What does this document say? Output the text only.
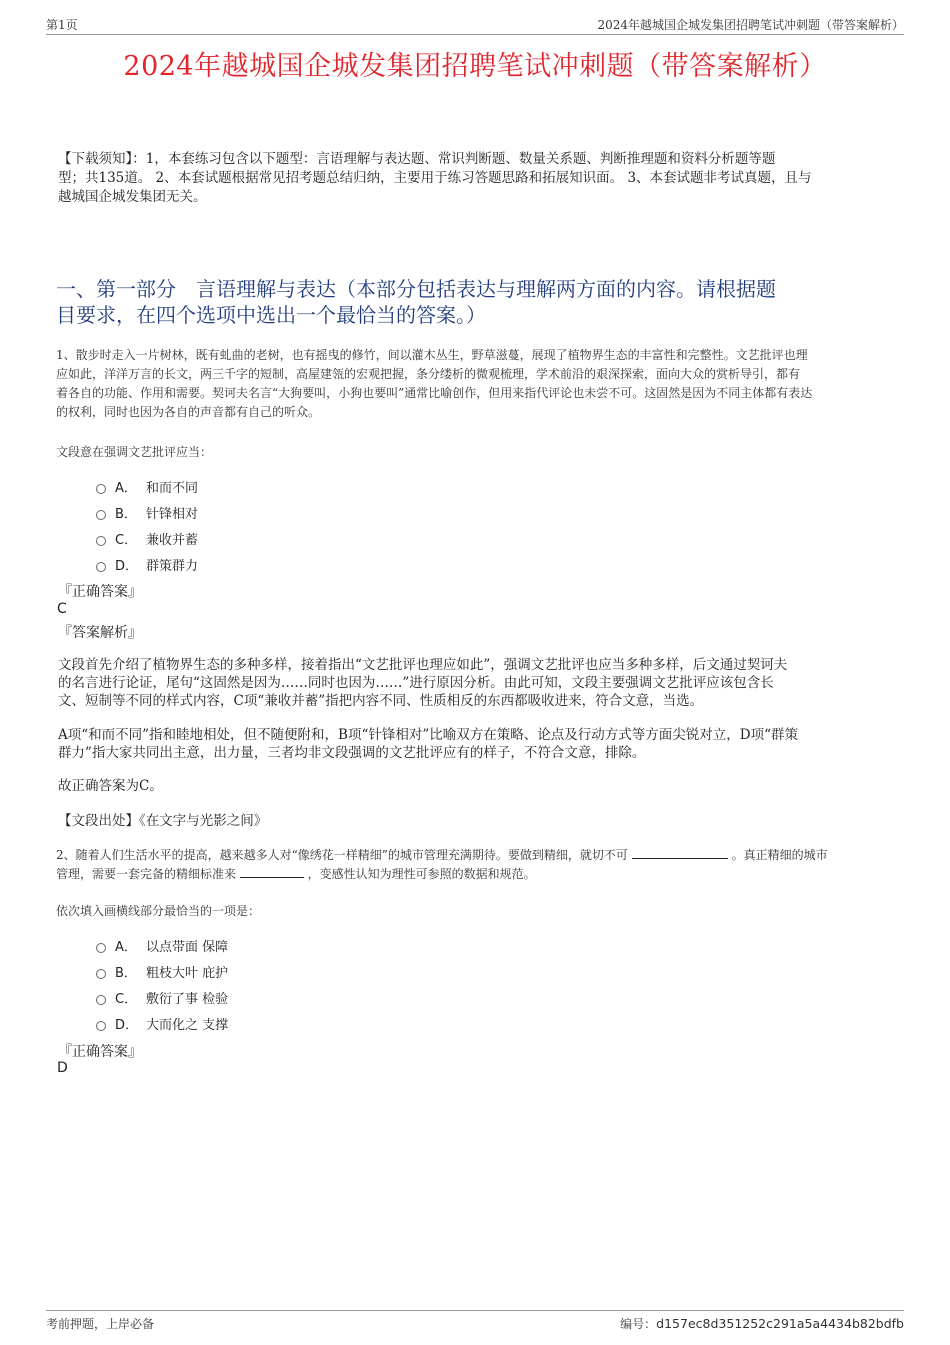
第1页	2024年越城国企城发集团招聘笔试冲刺题（带答案解析）
2024年越城国企城发集团招聘笔试冲刺题（带答案解析）
【下载须知】：1，本套练习包含以下题型：言语理解与表达题、常识判断题、数量关系题、判断推理题和资料分析题等题
型；共135道。 2、本套试题根据常见招考题总结归纳，主要用于练习答题思路和拓展知识面。 3、本套试题非考试真题，且与
越城国企城发集团无关。
一、第一部分　言语理解与表达（本部分包括表达与理解两方面的内容。请根据题
目要求，在四个选项中选出一个最恰当的答案。）
1、散步时走入一片树林，既有虬曲的老树，也有摇曳的修竹，间以灌木丛生，野草滋蔓，展现了植物界生态的丰富性和完整性。文艺批评也理
应如此，洋洋万言的长文，两三千字的短制，高屋建瓴的宏观把握，条分缕析的微观梳理，学术前沿的艰深探索，面向大众的赏析导引，都有
着各自的功能、作用和需要。契诃夫名言“大狗要叫，小狗也要叫”通常比喻创作，但用来指代评论也未尝不可。这固然是因为不同主体都有表达
的权利，同时也因为各自的声音都有自己的听众。
文段意在强调文艺批评应当：
A． 和而不同
B． 针锋相对
C． 兼收并蓄
D． 群策群力
『正确答案』
C
『答案解析』
文段首先介绍了植物界生态的多种多样，接着指出“文艺批评也理应如此”，强调文艺批评也应当多种多样，后文通过契诃夫
的名言进行论证，尾句“这固然是因为……同时也因为……”进行原因分析。由此可知，文段主要强调文艺批评应该包含长
文、短制等不同的样式内容，C项“兼收并蓄”指把内容不同、性质相反的东西都吸收进来，符合文意，当选。
A项“和而不同”指和睦地相处，但不随便附和，B项“针锋相对”比喻双方在策略、论点及行动方式等方面尖锐对立，D项“群策
群力”指大家共同出主意，出力量，三者均非文段强调的文艺批评应有的样子，不符合文意，排除。
故正确答案为C。
【文段出处】《在文字与光影之间》
2、随着人们生活水平的提高，越来越多人对“像绣花一样精细”的城市管理充满期待。要做到精细，就切不可	。真正精细的城市
管理，需要一套完备的精细标准来	，变感性认知为理性可参照的数据和规范。
依次填入画横线部分最恰当的一项是：
A． 以点带面 保障
B． 粗枝大叶 庇护
C． 敷衍了事 检验
D． 大而化之 支撑
『正确答案』
D
考前押题，上岸必备	编号：d157ec8d351252c291a5a4434b82bdfb
